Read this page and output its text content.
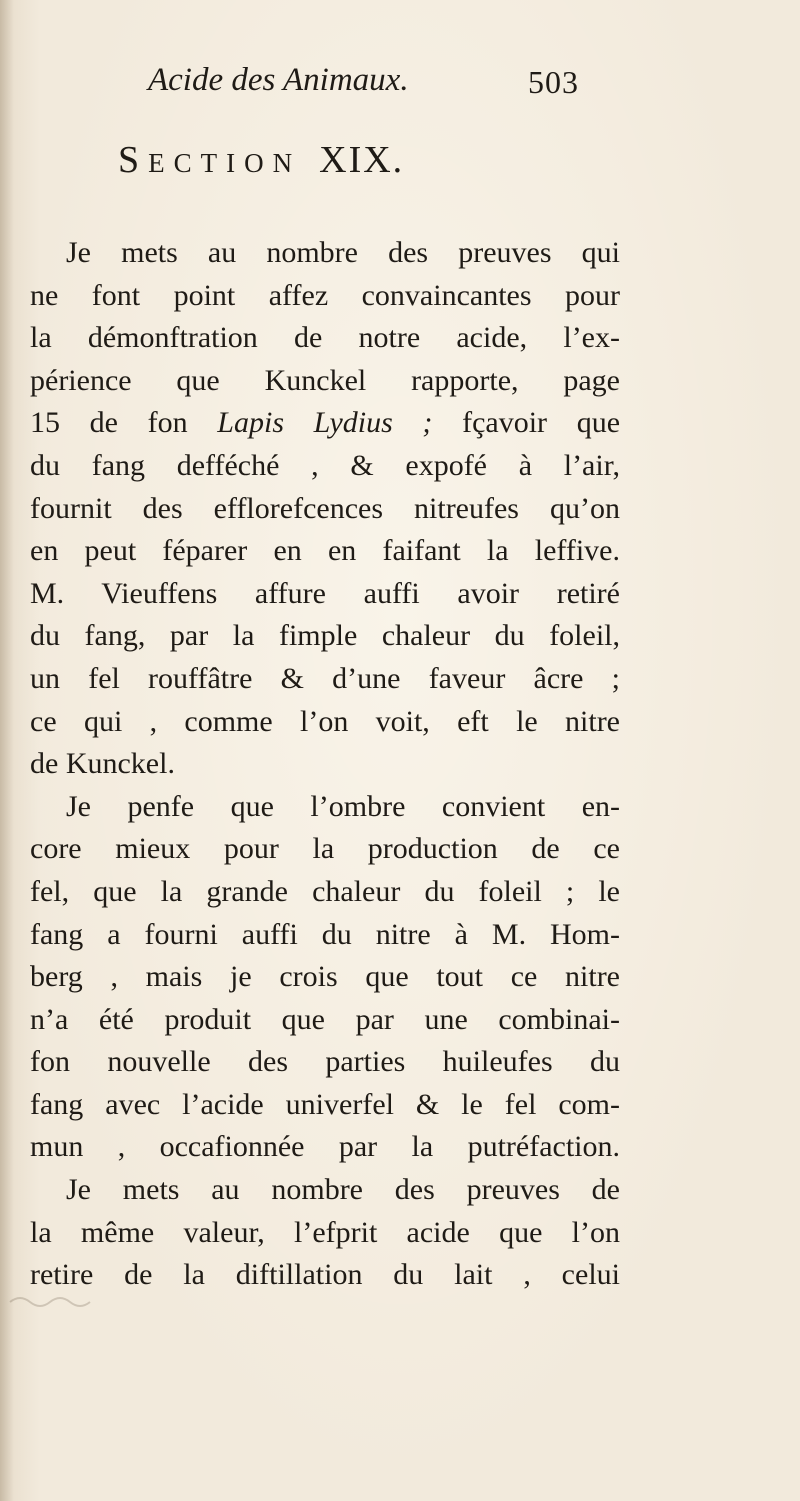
Acide des Animaux.	503
Section XIX.
Je mets au nombre des preuves qui
ne font point affez convaincantes pour
la démonftration de notre acide, l’ex-
périence que Kunckel rapporte, page
15 de fon Lapis Lydius ; fçavoir que
du fang defféché , & expofé à l’air,
fournit des efflorefcences nitreufes qu’on
en peut féparer en en faifant la leffive.
M. Vieuffens affure auffi avoir retiré
du fang, par la fimple chaleur du foleil,
un fel rouffâtre & d’une faveur âcre ;
ce qui , comme l’on voit, eft le nitre
de Kunckel.
Je penfe que l’ombre convient en-
core mieux pour la production de ce
fel, que la grande chaleur du foleil ; le
fang a fourni auffi du nitre à M. Hom-
berg , mais je crois que tout ce nitre
n’a été produit que par une combinai-
fon nouvelle des parties huileufes du
fang avec l’acide univerfel & le fel com-
mun , occafionnée par la putréfaction.
Je mets au nombre des preuves de
la même valeur, l’efprit acide que l’on
retire de la diftillation du lait , celui
